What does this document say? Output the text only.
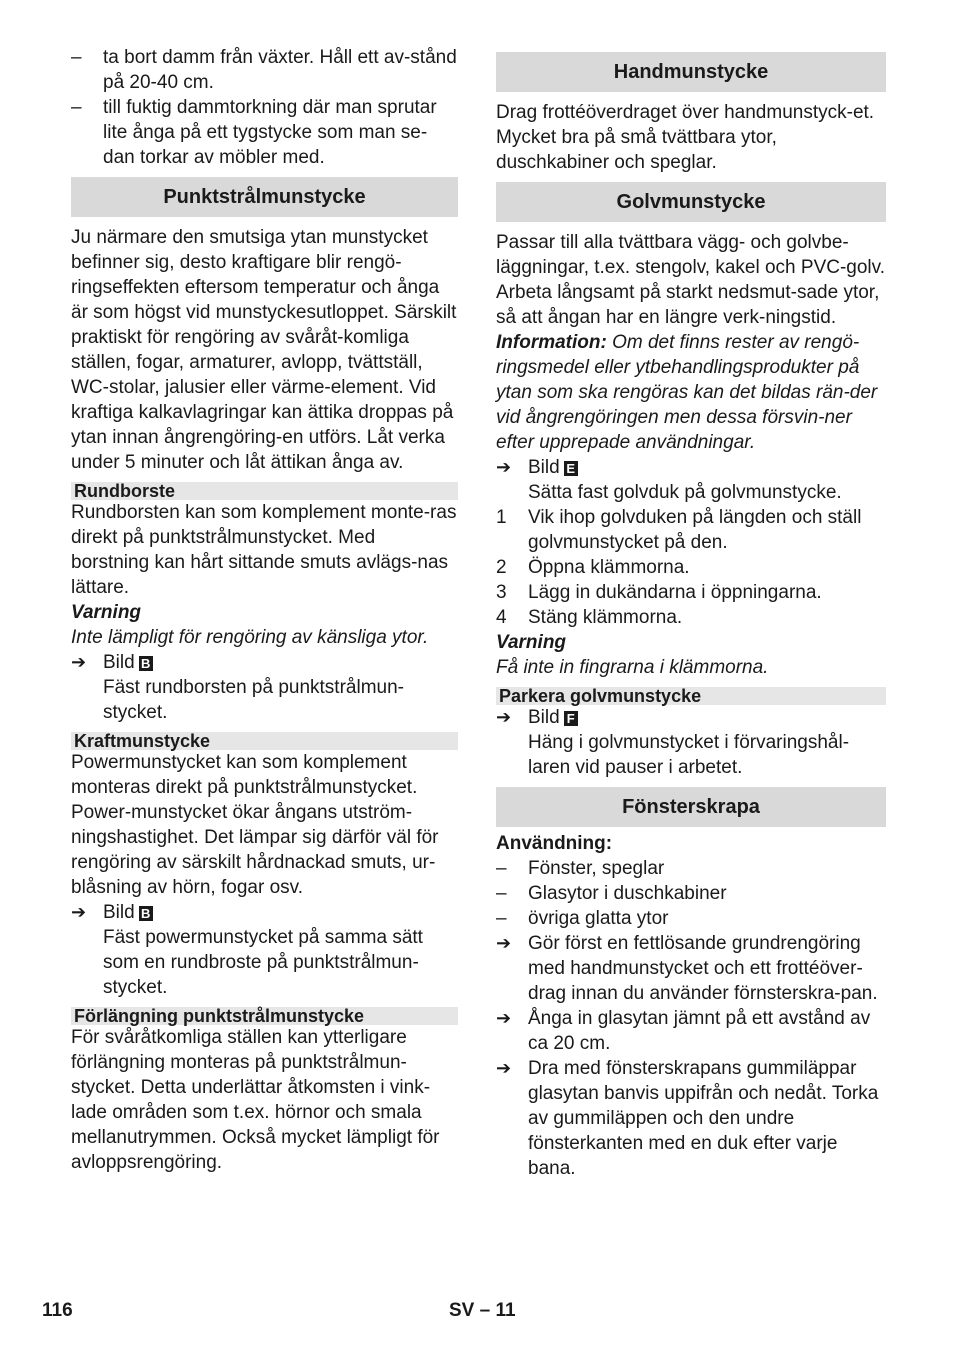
–	ta bort damm från växter. Håll ett av-stånd på 20-40 cm.
–	till fuktig dammtorkning där man sprutar lite ånga på ett tygstycke som man se-dan torkar av möbler med.
Punktstrålmunstycke

Ju närmare den smutsiga ytan munstycket befinner sig, desto kraftigare blir rengö-ringseffekten eftersom temperatur och ånga är som högst vid munstyckesutloppet. Särskilt praktiskt för rengöring av svåråt-komliga ställen, fogar, armaturer, avlopp, tvättställ, WC-stolar, jalusier eller värme-element. Vid kraftiga kalkavlagringar kan ättika droppas på ytan innan ångrengöring-en utförs. Låt verka under 5 minuter och låt ättikan ånga av.

Rundborste

Rundborsten kan som komplement monte-ras direkt på punktstrålmunstycket. Med borstning kan hårt sittande smuts avlägs-nas lättare.

Varning

Inte lämpligt för rengöring av känsliga ytor.

➔ Bild B
Fäst rundborsten på punktstrålmun-stycket.
Kraftmunstycke

Powermunstycket kan som komplement monteras direkt på punktstrålmunstycket. Power-munstycket ökar ångans utström-ningshastighet. Det lämpar sig därför väl för rengöring av särskilt hårdnackad smuts, ur-blåsning av hörn, fogar osv.

➔ Bild B
Fäst powermunstycket på samma sätt som en rundbroste på punktstrålmun-stycket.
Förlängning punktstrålmunstycke

För svåråtkomliga ställen kan ytterligare förlängning monteras på punktstrålmun-stycket. Detta underlättar åtkomsten i vink-lade områden som t.ex. hörnor och smala mellanutrymmen. Också mycket lämpligt för avloppsrengöring.

Handmunstycke

Drag frottéöverdraget över handmunstyck-et. Mycket bra på små tvättbara ytor, duschkabiner och speglar.

Golvmunstycke

Passar till alla tvättbara vägg- och golvbe-läggningar, t.ex. stengolv, kakel och PVC-golv. Arbeta långsamt på starkt nedsmut-sade ytor, så att ångan har en längre verk-ningstid.

Information: Om det finns rester av rengö-ringsmedel eller ytbehandlingsprodukter på ytan som ska rengöras kan det bildas rän-der vid ångrengöringen men dessa försvin-ner efter upprepade användningar.

➔ Bild E
Sätta fast golvduk på golvmunstycke.
1	Vik ihop golvduken på längden och ställ golvmunstycket på den.
2	Öppna klämmorna.
3	Lägg in dukändarna i öppningarna.
4	Stäng klämmorna.

Varning

Få inte in fingrarna i klämmorna.

Parkera golvmunstycke
➔ Bild F
Häng i golvmunstycket i förvaringshål-laren vid pauser i arbetet.
Fönsterskrapa

Användning:

–	Fönster, speglar
–	Glasytor i duschkabiner
–	övriga glatta ytor
➔ Gör först en fettlösande grundrengöring med handmunstycket och ett frottéöver-drag innan du använder förnsterskra-pan.
➔ Ånga in glasytan jämnt på ett avstånd av ca 20 cm.
➔ Dra med fönsterskrapans gummiläppar glasytan banvis uppifrån och nedåt. Torka av gummiläppen och den undre fönsterkanten med en duk efter varje bana.
116	SV – 11
